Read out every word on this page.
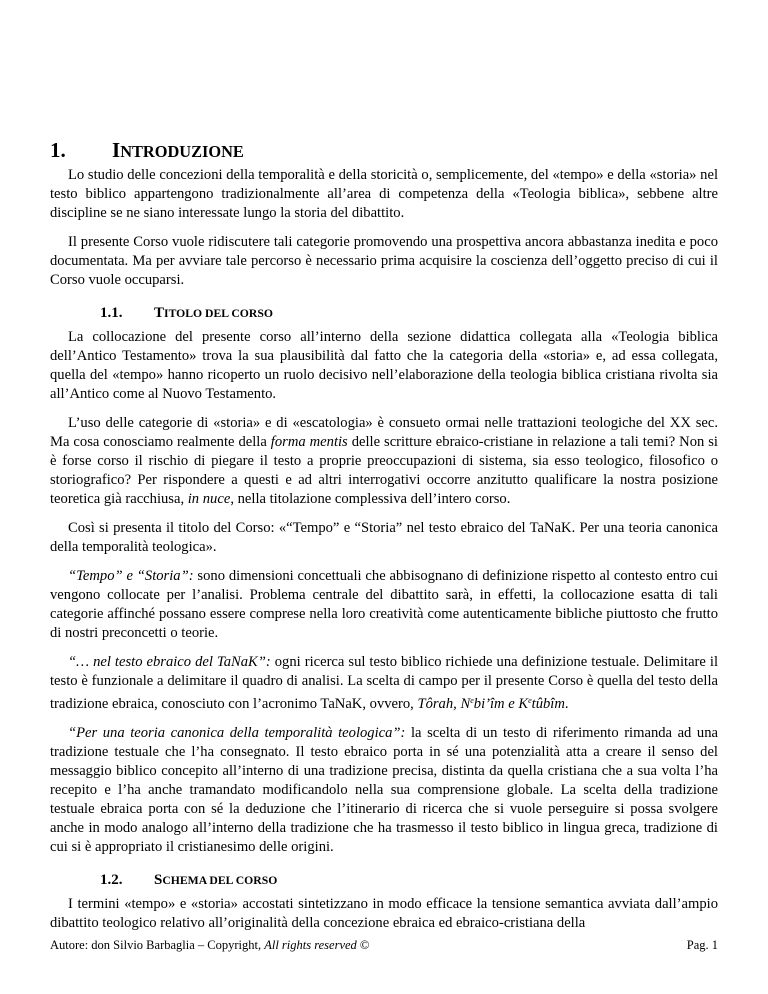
1.	INTRODUZIONE

Lo studio delle concezioni della temporalità e della storicità o, semplicemente, del «tempo» e della «storia» nel testo biblico appartengono tradizionalmente all’area di competenza della «Teologia biblica», sebbene altre discipline se ne siano interessate lungo la storia del dibattito.

Il presente Corso vuole ridiscutere tali categorie promovendo una prospettiva ancora abbastanza inedita e poco documentata. Ma per avviare tale percorso è necessario prima acquisire la coscienza dell’oggetto preciso di cui il Corso vuole occuparsi.

1.1.	TITOLO DEL CORSO

La collocazione del presente corso all’interno della sezione didattica collegata alla «Teologia biblica dell’Antico Testamento» trova la sua plausibilità dal fatto che la categoria della «storia» e, ad essa collegata, quella del «tempo» hanno ricoperto un ruolo decisivo nell’elaborazione della teologia biblica cristiana rivolta sia all’Antico come al Nuovo Testamento.

L’uso delle categorie di «storia» e di «escatologia» è consueto ormai nelle trattazioni teologiche del XX sec. Ma cosa conosciamo realmente della forma mentis delle scritture ebraico-cristiane in relazione a tali temi? Non si è forse corso il rischio di piegare il testo a proprie preoccupazioni di sistema, sia esso teologico, filosofico o storiografico? Per rispondere a questi e ad altri interrogativi occorre anzitutto qualificare la nostra posizione teoretica già racchiusa, in nuce, nella titolazione complessiva dell’intero corso.

Così si presenta il titolo del Corso: «“Tempo” e “Storia” nel testo ebraico del TaNaK. Per una teoria canonica della temporalità teologica».

“Tempo” e “Storia”: sono dimensioni concettuali che abbisognano di definizione rispetto al contesto entro cui vengono collocate per l’analisi. Problema centrale del dibattito sarà, in effetti, la collocazione esatta di tali categorie affinché possano essere comprese nella loro creatività come autenticamente bibliche piuttosto che frutto di nostri preconcetti o teorie.

“… nel testo ebraico del TaNaK”: ogni ricerca sul testo biblico richiede una definizione testuale. Delimitare il testo è funzionale a delimitare il quadro di analisi. La scelta di campo per il presente Corso è quella del testo della tradizione ebraica, conosciuto con l’acronimo TaNaK, ovvero, Tôrah, $N^ebi’îm$ e $K^etûbîm$.

“Per una teoria canonica della temporalità teologica”: la scelta di un testo di riferimento rimanda ad una tradizione testuale che l’ha consegnato. Il testo ebraico porta in sé una potenzialità atta a creare il senso del messaggio biblico concepito all’interno di una tradizione precisa, distinta da quella cristiana che a sua volta l’ha recepito e l’ha anche tramandato modificandolo nella sua comprensione globale. La scelta della tradizione testuale ebraica porta con sé la deduzione che l’itinerario di ricerca che si vuole perseguire si possa svolgere anche in modo analogo all’interno della tradizione che ha trasmesso il testo biblico in lingua greca, tradizione di cui si è appropriato il cristianesimo delle origini.

1.2.	SCHEMA DEL CORSO

I termini «tempo» e «storia» accostati sintetizzano in modo efficace la tensione semantica avviata dall’ampio dibattito teologico relativo all’originalità della concezione ebraica ed ebraico-cristiana della

Autore: don Silvio Barbaglia – Copyright, All rights reserved ©	Pag. 1
